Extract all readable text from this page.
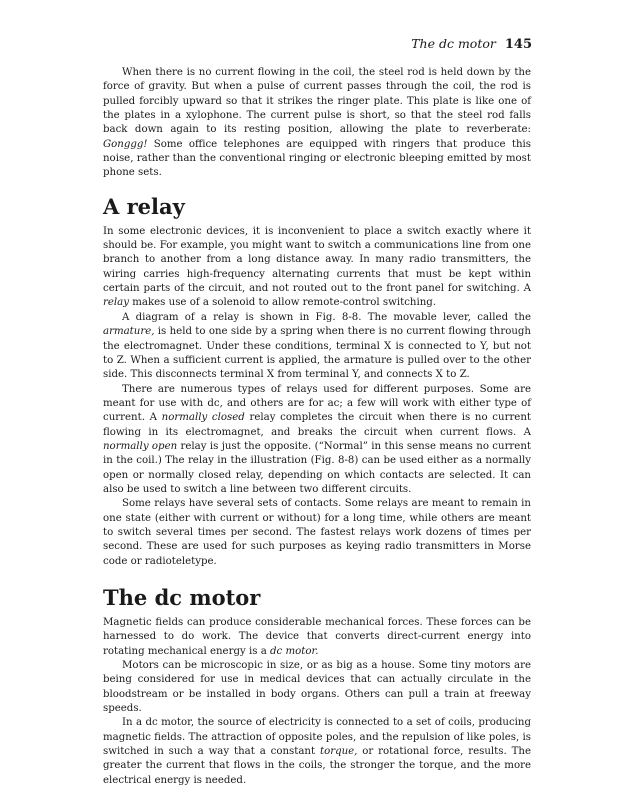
The dc motor 145

When there is no current flowing in the coil, the steel rod is held down by the force of gravity. But when a pulse of current passes through the coil, the rod is pulled forcibly upward so that it strikes the ringer plate. This plate is like one of the plates in a xylophone. The current pulse is short, so that the steel rod falls back down again to its resting position, allowing the plate to reverberate: Gonggg! Some office telephones are equipped with ringers that produce this noise, rather than the conventional ringing or electronic bleeping emitted by most phone sets.

A relay

In some electronic devices, it is inconvenient to place a switch exactly where it should be. For example, you might want to switch a communications line from one branch to another from a long distance away. In many radio transmitters, the wiring carries high-frequency alternating currents that must be kept within certain parts of the circuit, and not routed out to the front panel for switching. A relay makes use of a solenoid to allow remote-control switching.

A diagram of a relay is shown in Fig. 8-8. The movable lever, called the armature, is held to one side by a spring when there is no current flowing through the electromagnet. Under these conditions, terminal X is connected to Y, but not to Z. When a sufficient current is applied, the armature is pulled over to the other side. This disconnects terminal X from terminal Y, and connects X to Z.

There are numerous types of relays used for different purposes. Some are meant for use with dc, and others are for ac; a few will work with either type of current. A normally closed relay completes the circuit when there is no current flowing in its electromagnet, and breaks the circuit when current flows. A normally open relay is just the opposite. (“Normal” in this sense means no current in the coil.) The relay in the illustration (Fig. 8-8) can be used either as a normally open or normally closed relay, depending on which contacts are selected. It can also be used to switch a line between two different circuits.

Some relays have several sets of contacts. Some relays are meant to remain in one state (either with current or without) for a long time, while others are meant to switch several times per second. The fastest relays work dozens of times per second. These are used for such purposes as keying radio transmitters in Morse code or radioteletype.

The dc motor

Magnetic fields can produce considerable mechanical forces. These forces can be harnessed to do work. The device that converts direct-current energy into rotating mechanical energy is a dc motor.

Motors can be microscopic in size, or as big as a house. Some tiny motors are being considered for use in medical devices that can actually circulate in the bloodstream or be installed in body organs. Others can pull a train at freeway speeds.

In a dc motor, the source of electricity is connected to a set of coils, producing magnetic fields. The attraction of opposite poles, and the repulsion of like poles, is switched in such a way that a constant torque, or rotational force, results. The greater the current that flows in the coils, the stronger the torque, and the more electrical energy is needed.
